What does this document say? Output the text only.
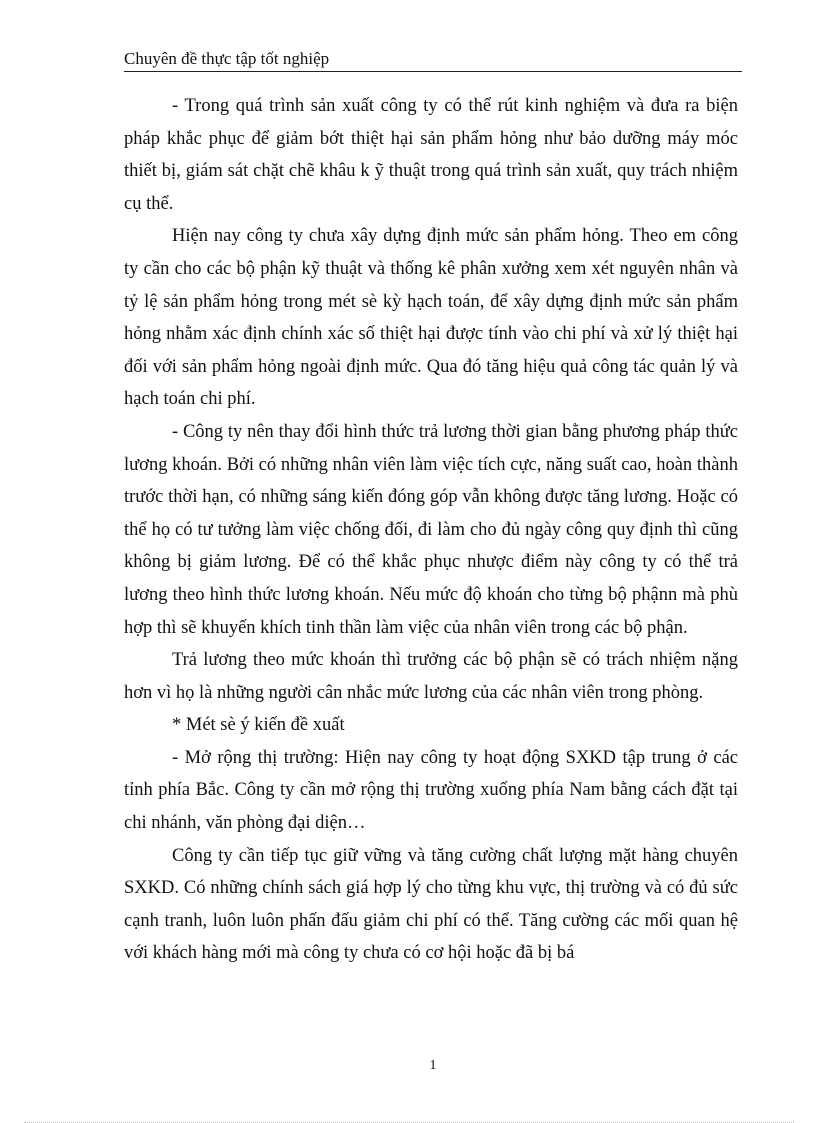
Chuyên đề thực tập tốt nghiệp

- Trong quá trình sản xuất công ty có thể rút kinh nghiệm và đưa ra biện pháp khắc phục để giảm bớt thiệt hại sản phẩm hỏng như bảo dưỡng máy móc thiết bị, giám sát chặt chẽ khâu k ỹ thuật trong quá trình sản xuất, quy trách nhiệm cụ thể.

Hiện nay công ty chưa xây dựng định mức sản phẩm hỏng. Theo em công ty cần cho các bộ phận kỹ thuật và thống kê phân xưởng xem xét nguyên nhân và tỷ lệ sản phẩm hỏng trong mét sè kỳ hạch toán, để xây dựng định mức sản phẩm hỏng nhằm xác định chính xác số thiệt hại được tính vào chi phí và xử lý thiệt hại đối với sản phẩm hỏng ngoài định mức. Qua đó tăng hiệu quả công tác quản lý và hạch toán chi phí.

- Công ty nên thay đổi hình thức trả lương thời gian bằng phương pháp thức lương khoán. Bởi có những nhân viên làm việc tích cực, năng suất cao, hoàn thành trước thời hạn, có những sáng kiến đóng góp vẫn không được tăng lương. Hoặc có thể họ có tư tưởng làm việc chống đối, đi làm cho đủ ngày công quy định thì cũng không bị giảm lương. Để có thể khắc phục nhược điểm này công ty có thể trả lương theo hình thức lương khoán. Nếu mức độ khoán cho từng bộ phậnn mà phù hợp thì sẽ khuyến khích tinh thần làm việc của nhân viên trong các bộ phận.

Trả lương theo mức khoán thì trưởng các bộ phận sẽ có trách nhiệm nặng hơn vì họ là những người cân nhắc mức lương của các nhân viên trong phòng.

* Mét sè ý kiến đề xuất

- Mở rộng thị trường: Hiện nay công ty hoạt động SXKD tập trung ở các tỉnh phía Bắc. Công ty cần mở rộng thị trường xuống phía Nam bằng cách đặt tại chi nhánh, văn phòng đại diện…

Công ty cần tiếp tục giữ vững và tăng cường chất lượng mặt hàng chuyên SXKD. Có những chính sách giá hợp lý cho từng khu vực, thị trường và có đủ sức cạnh tranh, luôn luôn phấn đấu giảm chi phí có thể. Tăng cường các mối quan hệ với khách hàng mới mà công ty chưa có cơ hội hoặc đã bị bá

1
